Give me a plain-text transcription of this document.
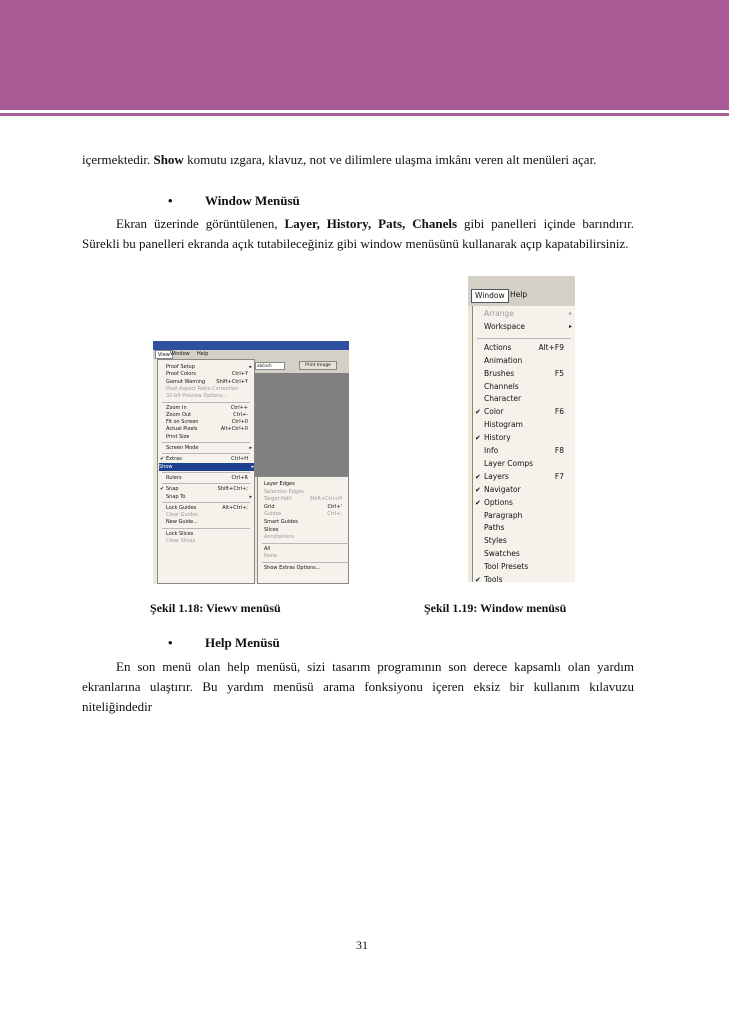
içermektedir. Show komutu ızgara, klavuz, not ve dilimlere ulaşma imkânı veren alt menüleri açar.

• Window Menüsü

Ekran üzerinde görüntülenen, Layer, History, Pats, Chanels gibi panelleri içinde barındırır. Sürekli bu panelleri ekranda açık tutabileceğiniz gibi window menüsünü kullanarak açıp kapatabilirsiniz.

View Window Help
ab/inch	Print Image
Proof Setup	▸
Proof Colors	Ctrl+Y
Gamut Warning Shift+Ctrl+Y
Pixel Aspect Ratio Correction
32-bit Preview Options...
Zoom In	Ctrl++
Zoom Out	Ctrl+-
Fit on Screen	Ctrl+0
Actual Pixels	Alt+Ctrl+0
Print Size
Screen Mode	▸
✔ Extras	Ctrl+H
Show	▸
Rulers	Ctrl+R
✔ Snap	Shift+Ctrl+;
Snap To	▸
Lock Guides	Alt+Ctrl+;
Clear Guides
New Guide...
Lock Slices
Clear Slices
Layer Edges
Selection Edges
Target Path	Shift+Ctrl+H
Grid	Ctrl+'
Guides	Ctrl+;
Smart Guides
Slices
Annotations
All
None
Show Extras Options...
Window Help
Arrange	▸
Workspace	▸
Actions	Alt+F9
Animation
Brushes	F5
Channels
Character
✔ Color	F6
Histogram
✔ History
Info	F8
Layer Comps
✔ Layers	F7
✔ Navigator
✔ Options
Paragraph
Paths
Styles
Swatches
Tool Presets
✔ Tools
Şekil 1.18: Viewv menüsü	Şekil 1.19: Window menüsü
• Help Menüsü

En son menü olan help menüsü, sizi tasarım programının son derece kapsamlı olan yardım ekranlarına ulaştırır. Bu yardım menüsü arama fonksiyonu içeren eksiz bir kullanım kılavuzu niteliğindedir

31
